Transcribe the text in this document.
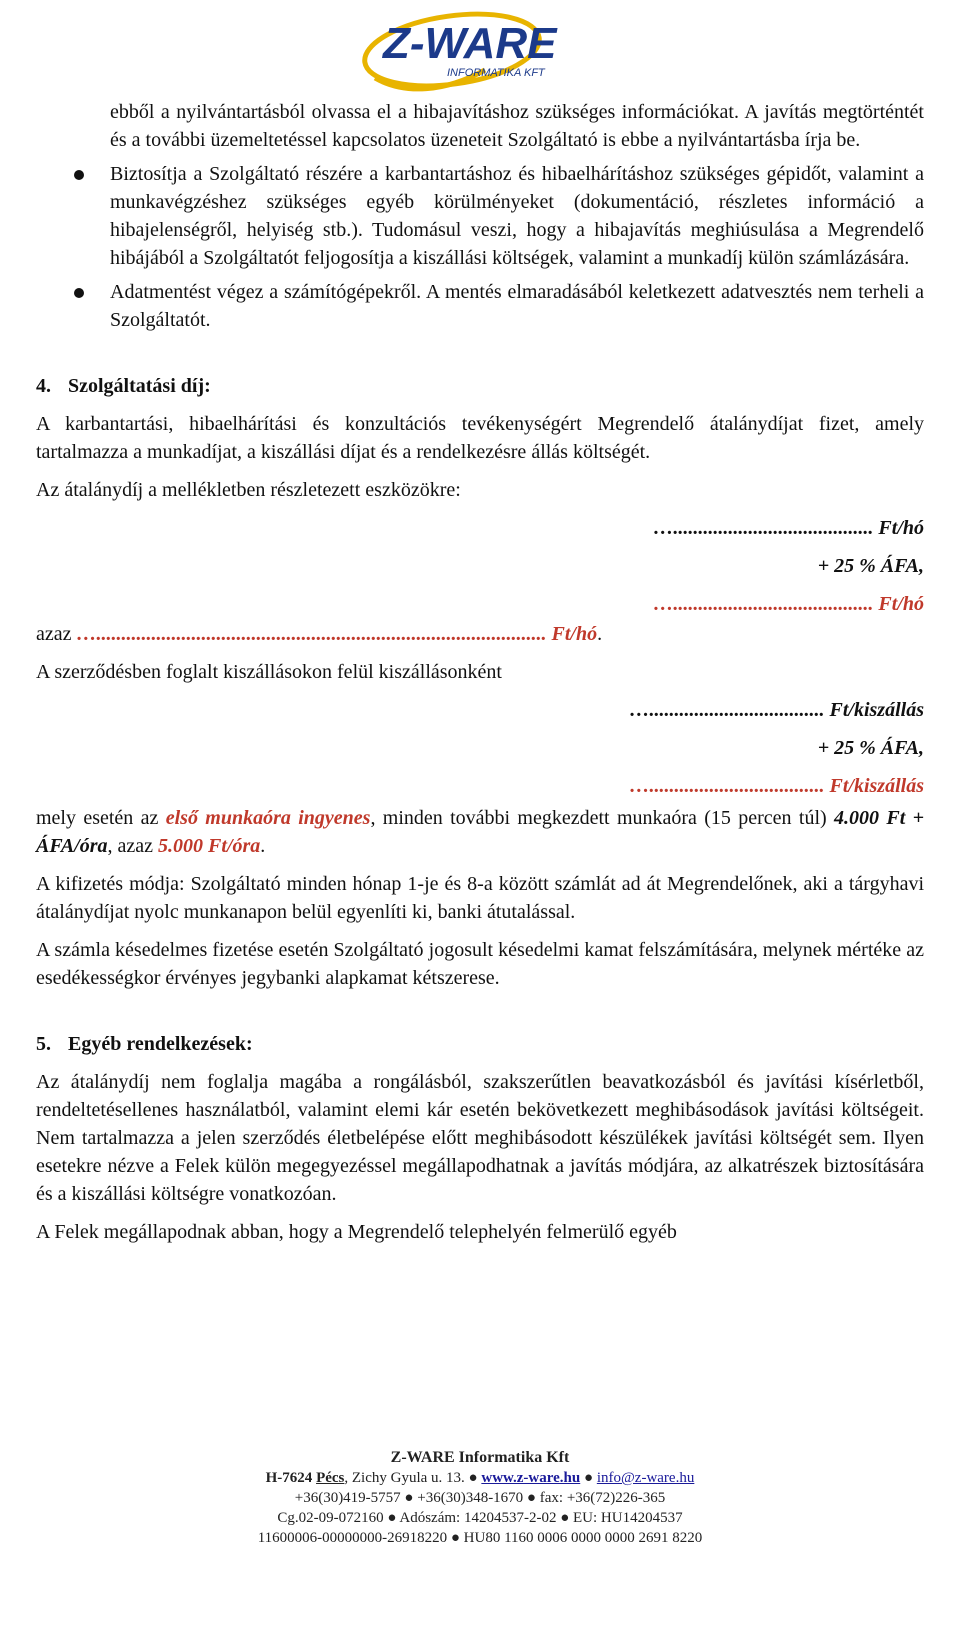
Z-WARE
INFORMATIKA KFT

ebből a nyilvántartásból olvassa el a hibajavításhoz szükséges információkat. A javítás megtörténtét és a további üzemeltetéssel kapcsolatos üzeneteit Szolgáltató is ebbe a nyilvántartásba írja be.

Biztosítja a Szolgáltató részére a karbantartáshoz és hibaelhárításhoz szükséges gépidőt, valamint a munkavégzéshez szükséges egyéb körülményeket (dokumentáció, részletes információ a hibajelenségről, helyiség stb.). Tudomásul veszi, hogy a hibajavítás meghiúsulása a Megrendelő hibájából a Szolgáltatót feljogosítja a kiszállási költségek, valamint a munkadíj külön számlázására.

Adatmentést végez a számítógépekről. A mentés elmaradásából keletkezett adatvesztés nem terheli a Szolgáltatót.

4. Szolgáltatási díj:

A karbantartási, hibaelhárítási és konzultációs tevékenységért Megrendelő átalánydíjat fizet, amely tartalmazza a munkadíjat, a kiszállási díjat és a rendelkezésre állás költségét.

Az átalánydíj a mellékletben részletezett eszközökre:

…........................................ Ft/hó

+ 25 % ÁFA,

…........................................ Ft/hó

azaz ….......................................................................................... Ft/hó.

A szerződésben foglalt kiszállásokon felül kiszállásonként

…................................... Ft/kiszállás

+ 25 % ÁFA,

…................................... Ft/kiszállás

mely esetén az első munkaóra ingyenes, minden további megkezdett munkaóra (15 percen túl) 4.000 Ft + ÁFA/óra, azaz 5.000 Ft/óra.

A kifizetés módja: Szolgáltató minden hónap 1-je és 8-a között számlát ad át Megrendelőnek, aki a tárgyhavi átalánydíjat nyolc munkanapon belül egyenlíti ki, banki átutalással.

A számla késedelmes fizetése esetén Szolgáltató jogosult késedelmi kamat felszámítására, melynek mértéke az esedékességkor érvényes jegybanki alapkamat kétszerese.

5. Egyéb rendelkezések:

Az átalánydíj nem foglalja magába a rongálásból, szakszerűtlen beavatkozásból és javítási kísérletből, rendeltetésellenes használatból, valamint elemi kár esetén bekövetkezett meghibásodások javítási költségeit. Nem tartalmazza a jelen szerződés életbelépése előtt meghibásodott készülékek javítási költségét sem. Ilyen esetekre nézve a Felek külön megegyezéssel megállapodhatnak a javítás módjára, az alkatrészek biztosítására és a kiszállási költségre vonatkozóan.

A Felek megállapodnak abban, hogy a Megrendelő telephelyén felmerülő egyéb

Z-WARE Informatika Kft
H-7624 Pécs, Zichy Gyula u. 13. ● www.z-ware.hu ● info@z-ware.hu
+36(30)419-5757 ● +36(30)348-1670 ● fax: +36(72)226-365
Cg.02-09-072160 ● Adószám: 14204537-2-02 ● EU: HU14204537
11600006-00000000-26918220 ● HU80 1160 0006 0000 0000 2691 8220
